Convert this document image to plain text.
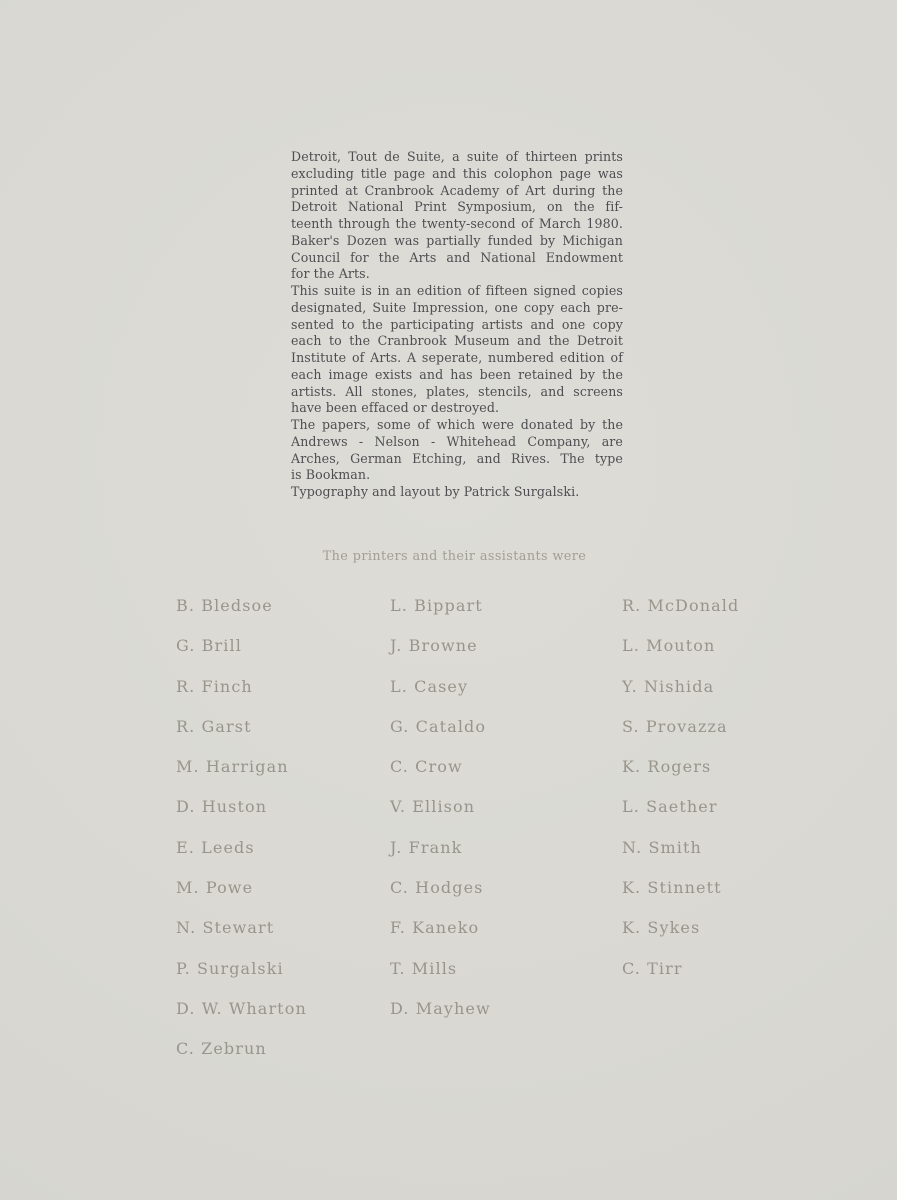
Detroit, Tout de Suite, a suite of thirteen prints
excluding title page and this colophon page was
printed at Cranbrook Academy of Art during the
Detroit National Print Symposium, on the fif-
teenth through the twenty-second of March 1980.
Baker's Dozen was partially funded by Michigan
Council for the Arts and National Endowment
for the Arts.
This suite is in an edition of fifteen signed copies
designated, Suite Impression, one copy each pre-
sented to the participating artists and one copy
each to the Cranbrook Museum and the Detroit
Institute of Arts. A seperate, numbered edition of
each image exists and has been retained by the
artists. All stones, plates, stencils, and screens
have been effaced or destroyed.
The papers, some of which were donated by the
Andrews - Nelson - Whitehead Company, are
Arches, German Etching, and Rives. The type
is Bookman.
Typography and layout by Patrick Surgalski.
The printers and their assistants were
B. Bledsoe
G. Brill
R. Finch
R. Garst
M. Harrigan
D. Huston
E. Leeds
M. Powe
N. Stewart
P. Surgalski
D. W. Wharton
C. Zebrun
L. Bippart
J. Browne
L. Casey
G. Cataldo
C. Crow
V. Ellison
J. Frank
C. Hodges
F. Kaneko
T. Mills
D. Mayhew
R. McDonald
L. Mouton
Y. Nishida
S. Provazza
K. Rogers
L. Saether
N. Smith
K. Stinnett
K. Sykes
C. Tirr
